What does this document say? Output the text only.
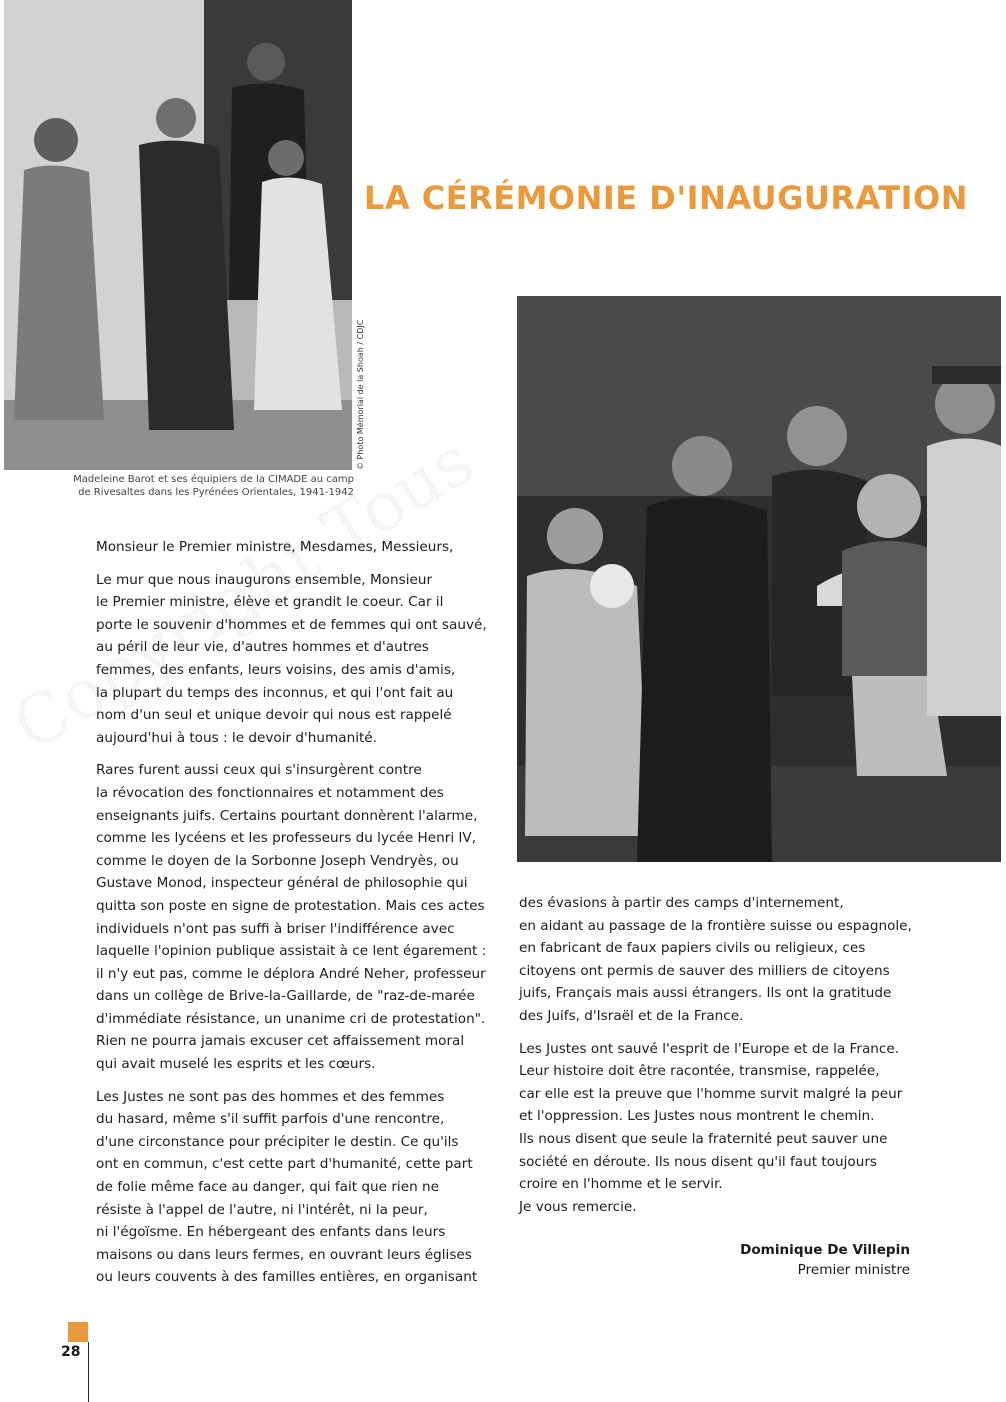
© Photo Mémorial de la Shoah / CDJC
Madeleine Barot et ses équipiers de la CIMADE au camp
de Rivesaltes dans les Pyrénées Orientales, 1941-1942
LA CÉRÉMONIE D'INAUGURATION

Monsieur le Premier ministre, Mesdames, Messieurs,

Le mur que nous inaugurons ensemble, Monsieur
le Premier ministre, élève et grandit le coeur. Car il
porte le souvenir d'hommes et de femmes qui ont sauvé,
au péril de leur vie, d'autres hommes et d'autres
femmes, des enfants, leurs voisins, des amis d'amis,
la plupart du temps des inconnus, et qui l'ont fait au
nom d'un seul et unique devoir qui nous est rappelé
aujourd'hui à tous : le devoir d'humanité.

Rares furent aussi ceux qui s'insurgèrent contre
la révocation des fonctionnaires et notamment des
enseignants juifs. Certains pourtant donnèrent l'alarme,
comme les lycéens et les professeurs du lycée Henri IV,
comme le doyen de la Sorbonne Joseph Vendryès, ou
Gustave Monod, inspecteur général de philosophie qui
quitta son poste en signe de protestation. Mais ces actes
individuels n'ont pas suffi à briser l'indifférence avec
laquelle l'opinion publique assistait à ce lent égarement :
il n'y eut pas, comme le déplora André Neher, professeur
dans un collège de Brive-la-Gaillarde, de "raz-de-marée
d'immédiate résistance, un unanime cri de protestation".
Rien ne pourra jamais excuser cet affaissement moral
qui avait muselé les esprits et les cœurs.

Les Justes ne sont pas des hommes et des femmes
du hasard, même s'il suffit parfois d'une rencontre,
d'une circonstance pour précipiter le destin. Ce qu'ils
ont en commun, c'est cette part d'humanité, cette part
de folie même face au danger, qui fait que rien ne
résiste à l'appel de l'autre, ni l'intérêt, ni la peur,
ni l'égoïsme. En hébergeant des enfants dans leurs
maisons ou dans leurs fermes, en ouvrant leurs églises
ou leurs couvents à des familles entières, en organisant

des évasions à partir des camps d'internement,
en aidant au passage de la frontière suisse ou espagnole,
en fabricant de faux papiers civils ou religieux, ces
citoyens ont permis de sauver des milliers de citoyens
juifs, Français mais aussi étrangers. Ils ont la gratitude
des Juifs, d'Israël et de la France.

Les Justes ont sauvé l'esprit de l'Europe et de la France.
Leur histoire doit être racontée, transmise, rappelée,
car elle est la preuve que l'homme survit malgré la peur
et l'oppression. Les Justes nous montrent le chemin.
Ils nous disent que seule la fraternité peut sauver une
société en déroute. Ils nous disent qu'il faut toujours
croire en l'homme et le servir.
Je vous remercie.

Dominique De Villepin
Premier ministre
28
